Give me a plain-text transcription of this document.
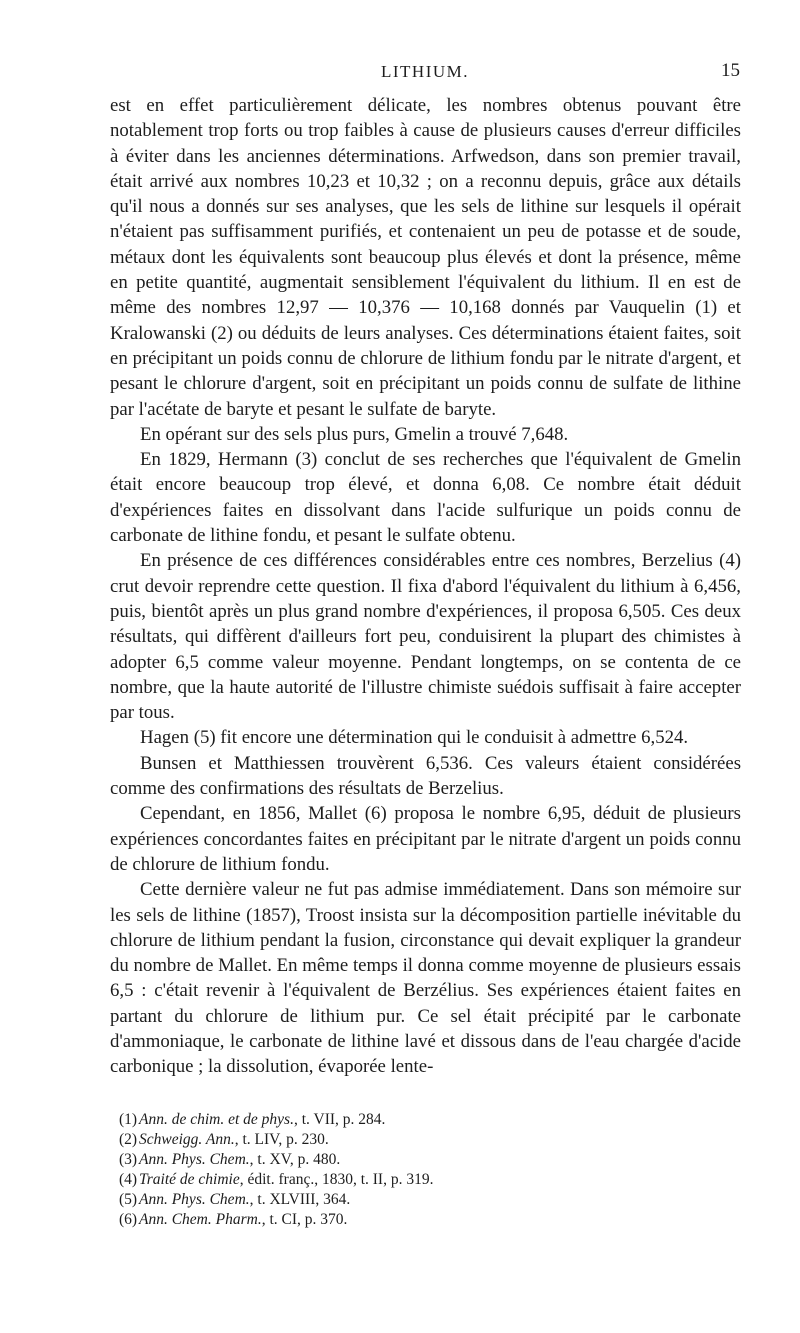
LITHIUM.	15

est en effet particulièrement délicate, les nombres obtenus pouvant être notablement trop forts ou trop faibles à cause de plusieurs causes d'erreur difficiles à éviter dans les anciennes déterminations. Arfwedson, dans son premier travail, était arrivé aux nombres 10,23 et 10,32 ; on a reconnu depuis, grâce aux détails qu'il nous a donnés sur ses analyses, que les sels de lithine sur lesquels il opérait n'étaient pas suffisamment purifiés, et contenaient un peu de potasse et de soude, métaux dont les équivalents sont beaucoup plus élevés et dont la présence, même en petite quantité, augmentait sensiblement l'équivalent du lithium. Il en est de même des nombres 12,97 — 10,376 — 10,168 donnés par Vauquelin (1) et Kralowanski (2) ou déduits de leurs analyses. Ces déterminations étaient faites, soit en précipitant un poids connu de chlorure de lithium fondu par le nitrate d'argent, et pesant le chlorure d'argent, soit en précipitant un poids connu de sulfate de lithine par l'acétate de baryte et pesant le sulfate de baryte.

En opérant sur des sels plus purs, Gmelin a trouvé 7,648.

En 1829, Hermann (3) conclut de ses recherches que l'équivalent de Gmelin était encore beaucoup trop élevé, et donna 6,08. Ce nombre était déduit d'expériences faites en dissolvant dans l'acide sulfurique un poids connu de carbonate de lithine fondu, et pesant le sulfate obtenu.

En présence de ces différences considérables entre ces nombres, Berzelius (4) crut devoir reprendre cette question. Il fixa d'abord l'équivalent du lithium à 6,456, puis, bientôt après un plus grand nombre d'expériences, il proposa 6,505. Ces deux résultats, qui diffèrent d'ailleurs fort peu, conduisirent la plupart des chimistes à adopter 6,5 comme valeur moyenne. Pendant longtemps, on se contenta de ce nombre, que la haute autorité de l'illustre chimiste suédois suffisait à faire accepter par tous.

Hagen (5) fit encore une détermination qui le conduisit à admettre 6,524.

Bunsen et Matthiessen trouvèrent 6,536. Ces valeurs étaient considérées comme des confirmations des résultats de Berzelius.

Cependant, en 1856, Mallet (6) proposa le nombre 6,95, déduit de plusieurs expériences concordantes faites en précipitant par le nitrate d'argent un poids connu de chlorure de lithium fondu.

Cette dernière valeur ne fut pas admise immédiatement. Dans son mémoire sur les sels de lithine (1857), Troost insista sur la décomposition partielle inévitable du chlorure de lithium pendant la fusion, circonstance qui devait expliquer la grandeur du nombre de Mallet. En même temps il donna comme moyenne de plusieurs essais 6,5 : c'était revenir à l'équivalent de Berzélius. Ses expériences étaient faites en partant du chlorure de lithium pur. Ce sel était précipité par le carbonate d'ammoniaque, le carbonate de lithine lavé et dissous dans de l'eau chargée d'acide carbonique ; la dissolution, évaporée lente-

(1) Ann. de chim. et de phys., t. VII, p. 284.

(2) Schweigg. Ann., t. LIV, p. 230.

(3) Ann. Phys. Chem., t. XV, p. 480.

(4) Traité de chimie, édit. franç., 1830, t. II, p. 319.

(5) Ann. Phys. Chem., t. XLVIII, 364.

(6) Ann. Chem. Pharm., t. CI, p. 370.
